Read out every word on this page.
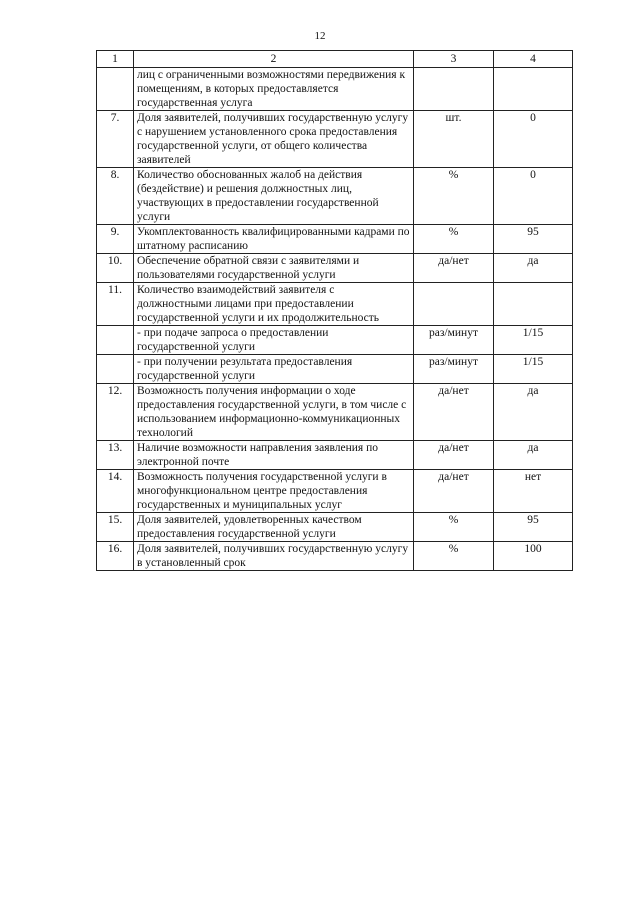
12
1	2	3	4
	лиц с ограниченными возможностями передвижения к помещениям, в которых предоставляется государственная услуга		
7.	Доля заявителей, получивших государственную услугу с нарушением установленного срока предоставления государственной услуги, от общего количества заявителей	шт.	0
8.	Количество обоснованных жалоб на действия (бездействие) и решения должностных лиц, участвующих в предоставлении государственной услуги	%	0
9.	Укомплектованность квалифицированными кадрами по штатному расписанию	%	95
10.	Обеспечение обратной связи с заявителями и пользователями государственной услуги	да/нет	да
11.	Количество взаимодействий заявителя с должностными лицами при предоставлении государственной услуги и их продолжительность		
	- при подаче запроса о предоставлении государственной услуги	раз/минут	1/15
	- при получении результата предоставления государственной услуги	раз/минут	1/15
12.	Возможность получения информации о ходе предоставления государственной услуги, в том числе с использованием информационно-коммуникационных технологий	да/нет	да
13.	Наличие возможности направления заявления по электронной почте	да/нет	да
14.	Возможность получения государственной услуги в многофункциональном центре предоставления государственных и муниципальных услуг	да/нет	нет
15.	Доля заявителей, удовлетворенных качеством предоставления государственной услуги	%	95
16.	Доля заявителей, получивших государственную услугу в установленный срок	%	100
